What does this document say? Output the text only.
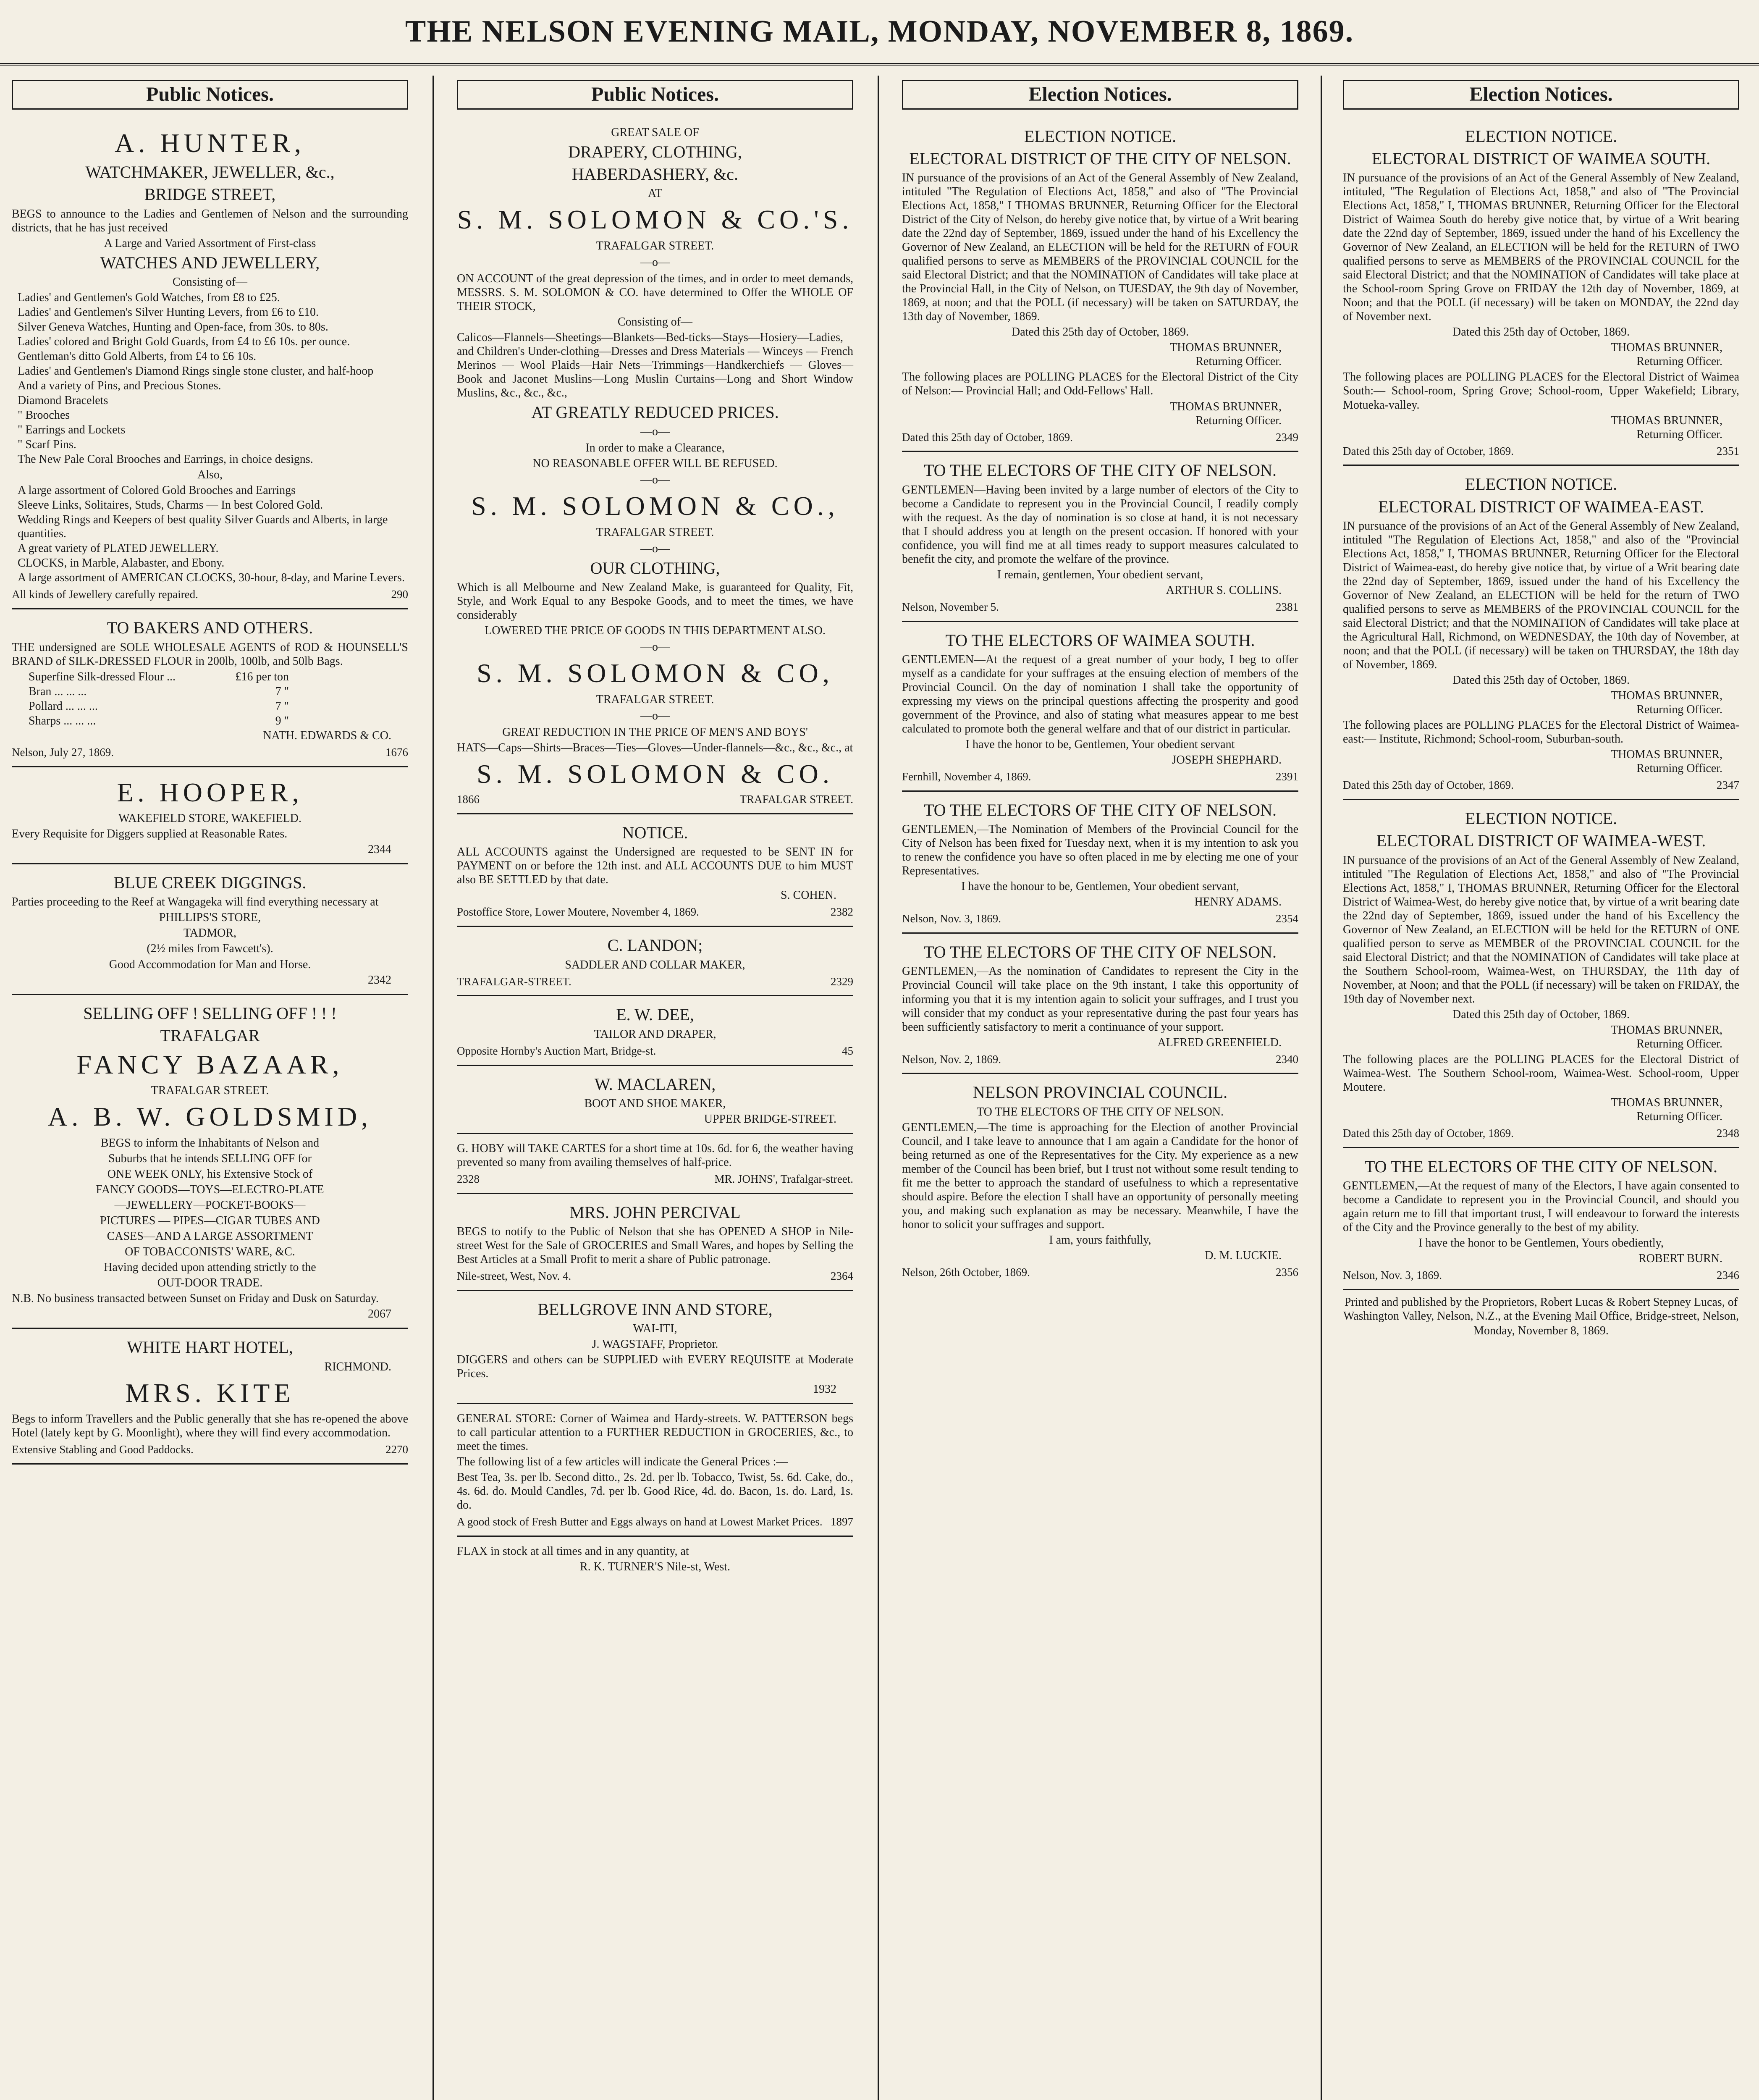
THE NELSON EVENING MAIL, MONDAY, NOVEMBER 8, 1869.
Public Notices.
A. HUNTER,
WATCHMAKER, JEWELLER, &c.,
BRIDGE STREET,

BEGS to announce to the Ladies and Gentlemen of Nelson and the surrounding districts, that he has just received

A Large and Varied Assortment of First-class
WATCHES AND JEWELLERY,
Consisting of—
Ladies' and Gentlemen's Gold Watches, from £8 to £25.
Ladies' and Gentlemen's Silver Hunting Levers, from £6 to £10.
Silver Geneva Watches, Hunting and Open-face, from 30s. to 80s.
Ladies' colored and Bright Gold Guards, from £4 to £6 10s. per ounce.
Gentleman's ditto Gold Alberts, from £4 to £6 10s.
Ladies' and Gentlemen's Diamond Rings single stone cluster, and half-hoop
And a variety of Pins, and Precious Stones.
Diamond Bracelets
" Brooches
" Earrings and Lockets
" Scarf Pins.
The New Pale Coral Brooches and Earrings, in choice designs.
Also,
A large assortment of Colored Gold Brooches and Earrings
Sleeve Links, Solitaires, Studs, Charms — In best Colored Gold.
Wedding Rings and Keepers of best quality Silver Guards and Alberts, in large quantities.
A great variety of PLATED JEWELLERY.
CLOCKS, in Marble, Alabaster, and Ebony.
A large assortment of AMERICAN CLOCKS, 30-hour, 8-day, and Marine Levers.
All kinds of Jewellery carefully repaired.	290
TO BAKERS AND OTHERS.

THE undersigned are SOLE WHOLESALE AGENTS of ROD & HOUNSELL'S BRAND of SILK-DRESSED FLOUR in 200lb, 100lb, and 50lb Bags.

Superfine Silk-dressed Flour ...	£16 per ton
Bran ... ... ...	7 "
Pollard ... ... ...	7 "
Sharps ... ... ...	9 "
NATH. EDWARDS & CO.
Nelson, July 27, 1869.	1676
E. HOOPER,
WAKEFIELD STORE, WAKEFIELD.

Every Requisite for Diggers supplied at Reasonable Rates.

2344
BLUE CREEK DIGGINGS.

Parties proceeding to the Reef at Wangageka will find everything necessary at

PHILLIPS'S STORE,
TADMOR,
(2½ miles from Fawcett's).
Good Accommodation for Man and Horse.
2342
SELLING OFF ! SELLING OFF ! ! !
TRAFALGAR
FANCY BAZAAR,
TRAFALGAR STREET.
A. B. W. GOLDSMID,
BEGS to inform the Inhabitants of Nelson and
Suburbs that he intends SELLING OFF for
ONE WEEK ONLY, his Extensive Stock of
FANCY GOODS—TOYS—ELECTRO-PLATE
—JEWELLERY—POCKET-BOOKS—
PICTURES — PIPES—CIGAR TUBES AND
CASES—AND A LARGE ASSORTMENT
OF TOBACCONISTS' WARE, &C.
Having decided upon attending strictly to the
OUT-DOOR TRADE.

N.B. No business transacted between Sunset on Friday and Dusk on Saturday.

2067
WHITE HART HOTEL,
RICHMOND.
MRS. KITE

Begs to inform Travellers and the Public generally that she has re-opened the above Hotel (lately kept by G. Moonlight), where they will find every accommodation.

Extensive Stabling and Good Paddocks.	2270
Public Notices.
GREAT SALE OF
DRAPERY, CLOTHING,
HABERDASHERY, &c.
AT
S. M. SOLOMON & CO.'S.
TRAFALGAR STREET.
—o—

ON ACCOUNT of the great depression of the times, and in order to meet demands, MESSRS. S. M. SOLOMON & CO. have determined to Offer the WHOLE OF THEIR STOCK,

Consisting of—

Calicos—Flannels—Sheetings—Blankets—Bed-ticks—Stays—Hosiery—Ladies, and Children's Under-clothing—Dresses and Dress Materials — Winceys — French Merinos — Wool Plaids—Hair Nets—Trimmings—Handkerchiefs — Gloves—Book and Jaconet Muslins—Long Muslin Curtains—Long and Short Window Muslins, &c., &c., &c.,

AT GREATLY REDUCED PRICES.
—o—
In order to make a Clearance,
NO REASONABLE OFFER WILL BE REFUSED.
—o—
S. M. SOLOMON & CO.,
TRAFALGAR STREET.
—o—
OUR CLOTHING,

Which is all Melbourne and New Zealand Make, is guaranteed for Quality, Fit, Style, and Work Equal to any Bespoke Goods, and to meet the times, we have considerably

LOWERED THE PRICE OF GOODS IN THIS DEPARTMENT ALSO.
—o—
S. M. SOLOMON & CO,
TRAFALGAR STREET.
—o—
GREAT REDUCTION IN THE PRICE OF MEN'S AND BOYS'

HATS—Caps—Shirts—Braces—Ties—Gloves—Under-flannels—&c., &c., &c., at

S. M. SOLOMON & CO.
1866	TRAFALGAR STREET.
NOTICE.

ALL ACCOUNTS against the Undersigned are requested to be SENT IN for PAYMENT on or before the 12th inst. and ALL ACCOUNTS DUE to him MUST also BE SETTLED by that date.

S. COHEN.
Postoffice Store, Lower Moutere, November 4, 1869.	2382
C. LANDON;
SADDLER AND COLLAR MAKER,
TRAFALGAR-STREET.	2329
E. W. DEE,
TAILOR AND DRAPER,
Opposite Hornby's Auction Mart, Bridge-st.	45
W. MACLAREN,
BOOT AND SHOE MAKER,
UPPER BRIDGE-STREET.

G. HOBY will TAKE CARTES for a short time at 10s. 6d. for 6, the weather having prevented so many from availing themselves of half-price.

2328	MR. JOHNS', Trafalgar-street.
MRS. JOHN PERCIVAL

BEGS to notify to the Public of Nelson that she has OPENED A SHOP in Nile-street West for the Sale of GROCERIES and Small Wares, and hopes by Selling the Best Articles at a Small Profit to merit a share of Public patronage.

Nile-street, West, Nov. 4.	2364
BELLGROVE INN AND STORE,
WAI-ITI,
J. WAGSTAFF, Proprietor.

DIGGERS and others can be SUPPLIED with EVERY REQUISITE at Moderate Prices.

1932

GENERAL STORE: Corner of Waimea and Hardy-streets. W. PATTERSON begs to call particular attention to a FURTHER REDUCTION in GROCERIES, &c., to meet the times.

The following list of a few articles will indicate the General Prices :—

Best Tea, 3s. per lb. Second ditto., 2s. 2d. per lb. Tobacco, Twist, 5s. 6d. Cake, do., 4s. 6d. do. Mould Candles, 7d. per lb. Good Rice, 4d. do. Bacon, 1s. do. Lard, 1s. do.

A good stock of Fresh Butter and Eggs always on hand at Lowest Market Prices. 1897

FLAX in stock at all times and in any quantity, at

R. K. TURNER'S Nile-st, West.
Election Notices.
ELECTION NOTICE.
ELECTORAL DISTRICT OF THE CITY OF NELSON.

IN pursuance of the provisions of an Act of the General Assembly of New Zealand, intituled "The Regulation of Elections Act, 1858," and also of "The Provincial Elections Act, 1858," I THOMAS BRUNNER, Returning Officer for the Electoral District of the City of Nelson, do hereby give notice that, by virtue of a Writ bearing date the 22nd day of September, 1869, issued under the hand of his Excellency the Governor of New Zealand, an ELECTION will be held for the RETURN of FOUR qualified persons to serve as MEMBERS of the PROVINCIAL COUNCIL for the said Electoral District; and that the NOMINATION of Candidates will take place at the Provincial Hall, in the City of Nelson, on TUESDAY, the 9th day of November, 1869, at noon; and that the POLL (if necessary) will be taken on SATURDAY, the 13th day of November, 1869.

Dated this 25th day of October, 1869.
THOMAS BRUNNER,
Returning Officer.

The following places are POLLING PLACES for the Electoral District of the City of Nelson:— Provincial Hall; and Odd-Fellows' Hall.

THOMAS BRUNNER,
Returning Officer.
Dated this 25th day of October, 1869.	2349
TO THE ELECTORS OF THE CITY OF NELSON.

GENTLEMEN—Having been invited by a large number of electors of the City to become a Candidate to represent you in the Provincial Council, I readily comply with the request. As the day of nomination is so close at hand, it is not necessary that I should address you at length on the present occasion. If honored with your confidence, you will find me at all times ready to support measures calculated to benefit the city, and promote the welfare of the province.

I remain, gentlemen, Your obedient servant,
ARTHUR S. COLLINS.
Nelson, November 5.	2381
TO THE ELECTORS OF WAIMEA SOUTH.

GENTLEMEN—At the request of a great number of your body, I beg to offer myself as a candidate for your suffrages at the ensuing election of members of the Provincial Council. On the day of nomination I shall take the opportunity of expressing my views on the principal questions affecting the prosperity and good government of the Province, and also of stating what measures appear to me best calculated to promote both the general welfare and that of our district in particular.

I have the honor to be, Gentlemen, Your obedient servant
JOSEPH SHEPHARD.
Fernhill, November 4, 1869.	2391
TO THE ELECTORS OF THE CITY OF NELSON.

GENTLEMEN,—The Nomination of Members of the Provincial Council for the City of Nelson has been fixed for Tuesday next, when it is my intention to ask you to renew the confidence you have so often placed in me by electing me one of your Representatives.

I have the honour to be, Gentlemen, Your obedient servant,
HENRY ADAMS.
Nelson, Nov. 3, 1869.	2354
TO THE ELECTORS OF THE CITY OF NELSON.

GENTLEMEN,—As the nomination of Candidates to represent the City in the Provincial Council will take place on the 9th instant, I take this opportunity of informing you that it is my intention again to solicit your suffrages, and I trust you will consider that my conduct as your representative during the past four years has been sufficiently satisfactory to merit a continuance of your support.

ALFRED GREENFIELD.
Nelson, Nov. 2, 1869.	2340
NELSON PROVINCIAL COUNCIL.
TO THE ELECTORS OF THE CITY OF NELSON.

GENTLEMEN,—The time is approaching for the Election of another Provincial Council, and I take leave to announce that I am again a Candidate for the honor of being returned as one of the Representatives for the City. My experience as a new member of the Council has been brief, but I trust not without some result tending to fit me the better to approach the standard of usefulness to which a representative should aspire. Before the election I shall have an opportunity of personally meeting you, and making such explanation as may be necessary. Meanwhile, I have the honor to solicit your suffrages and support.

I am, yours faithfully,
D. M. LUCKIE.
Nelson, 26th October, 1869.	2356
Election Notices.
ELECTION NOTICE.
ELECTORAL DISTRICT OF WAIMEA SOUTH.

IN pursuance of the provisions of an Act of the General Assembly of New Zealand, intituled, "The Regulation of Elections Act, 1858," and also of "The Provincial Elections Act, 1858," I, THOMAS BRUNNER, Returning Officer for the Electoral District of Waimea South do hereby give notice that, by virtue of a Writ bearing date the 22nd day of September, 1869, issued under the hand of his Excellency the Governor of New Zealand, an ELECTION will be held for the RETURN of TWO qualified persons to serve as MEMBERS of the PROVINCIAL COUNCIL for the said Electoral District; and that the NOMINATION of Candidates will take place at the School-room Spring Grove on FRIDAY the 12th day of November, 1869, at Noon; and that the POLL (if necessary) will be taken on MONDAY, the 22nd day of November next.

Dated this 25th day of October, 1869.
THOMAS BRUNNER,
Returning Officer.

The following places are POLLING PLACES for the Electoral District of Waimea South:— School-room, Spring Grove; School-room, Upper Wakefield; Library, Motueka-valley.

THOMAS BRUNNER,
Returning Officer.
Dated this 25th day of October, 1869.	2351
ELECTION NOTICE.
ELECTORAL DISTRICT OF WAIMEA-EAST.

IN pursuance of the provisions of an Act of the General Assembly of New Zealand, intituled "The Regulation of Elections Act, 1858," and also of the "Provincial Elections Act, 1858," I, THOMAS BRUNNER, Returning Officer for the Electoral District of Waimea-east, do hereby give notice that, by virtue of a Writ bearing date the 22nd day of September, 1869, issued under the hand of his Excellency the Governor of New Zealand, an ELECTION will be held for the return of TWO qualified persons to serve as MEMBERS of the PROVINCIAL COUNCIL for the said Electoral District; and that the NOMINATION of Candidates will take place at the Agricultural Hall, Richmond, on WEDNESDAY, the 10th day of November, at noon; and that the POLL (if necessary) will be taken on THURSDAY, the 18th day of November, 1869.

Dated this 25th day of October, 1869.
THOMAS BRUNNER,
Returning Officer.

The following places are POLLING PLACES for the Electoral District of Waimea-east:— Institute, Richmond; School-room, Suburban-south.

THOMAS BRUNNER,
Returning Officer.
Dated this 25th day of October, 1869.	2347
ELECTION NOTICE.
ELECTORAL DISTRICT OF WAIMEA-WEST.

IN pursuance of the provisions of an Act of the General Assembly of New Zealand, intituled "The Regulation of Elections Act, 1858," and also of "The Provincial Elections Act, 1858," I, THOMAS BRUNNER, Returning Officer for the Electoral District of Waimea-West, do hereby give notice that, by virtue of a writ bearing date the 22nd day of September, 1869, issued under the hand of his Excellency the Governor of New Zealand, an ELECTION will be held for the RETURN of ONE qualified person to serve as MEMBER of the PROVINCIAL COUNCIL for the said Electoral District; and that the NOMINATION of Candidates will take place at the Southern School-room, Waimea-West, on THURSDAY, the 11th day of November, at Noon; and that the POLL (if necessary) will be taken on FRIDAY, the 19th day of November next.

Dated this 25th day of October, 1869.
THOMAS BRUNNER,
Returning Officer.

The following places are the POLLING PLACES for the Electoral District of Waimea-West. The Southern School-room, Waimea-West. School-room, Upper Moutere.

THOMAS BRUNNER,
Returning Officer.
Dated this 25th day of October, 1869.	2348
TO THE ELECTORS OF THE CITY OF NELSON.

GENTLEMEN,—At the request of many of the Electors, I have again consented to become a Candidate to represent you in the Provincial Council, and should you again return me to fill that important trust, I will endeavour to forward the interests of the City and the Province generally to the best of my ability.

I have the honor to be Gentlemen, Yours obediently,
ROBERT BURN.
Nelson, Nov. 3, 1869.	2346

Printed and published by the Proprietors, Robert Lucas & Robert Stepney Lucas, of Washington Valley, Nelson, N.Z., at the Evening Mail Office, Bridge-street, Nelson,

Monday, November 8, 1869.
